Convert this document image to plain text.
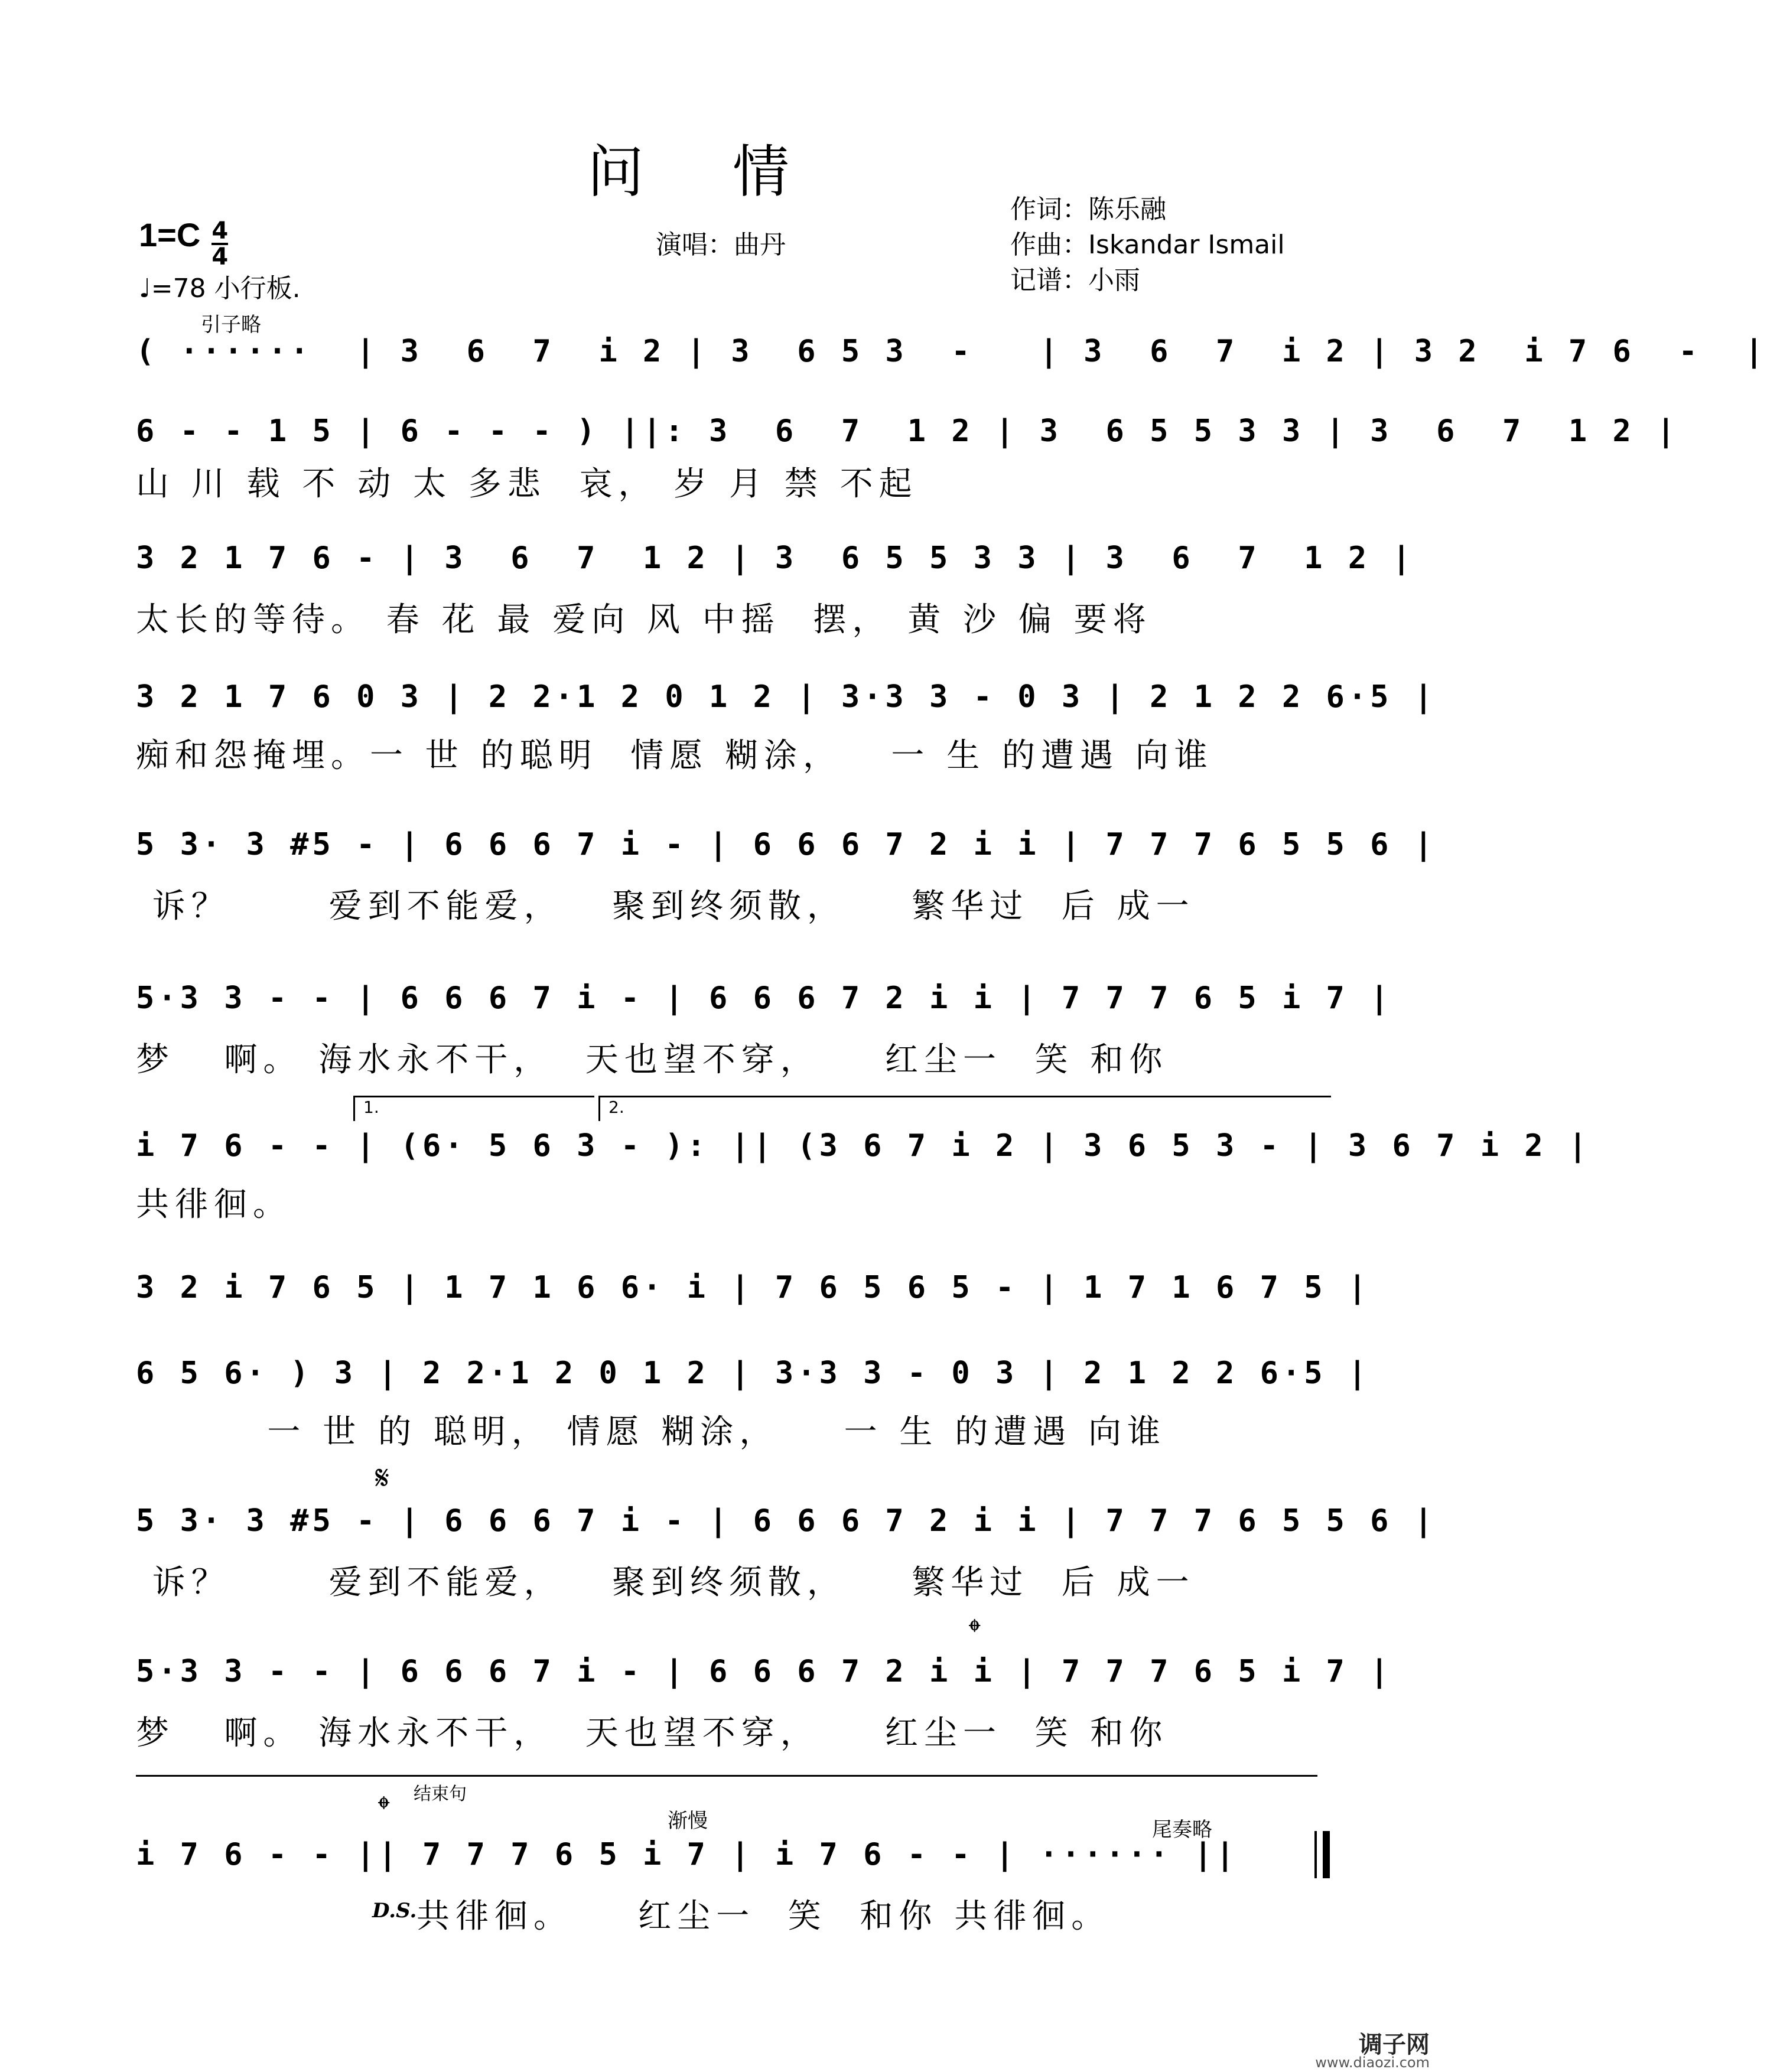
问情
作词：陈乐融
作曲：Iskandar Ismail
记谱：小雨
演唱：曲丹
$1=C \frac{4}{4}$
♩=78 小行板.
引子略
( ······  | 3  6  7  i 2 | 3  6 5 3  -   | 3  6  7  i 2 | 3 2  i 7 6  -  |
6 - - 1 5 | 6 - - - ) ||: 3  6  7  1 2 | 3  6 5 5 3 3 | 3  6  7  1 2 |
山 川 载 不 动 太 多悲  哀， 岁 月 禁 不起
3 2 1 7 6 - | 3  6  7  1 2 | 3  6 5 5 3 3 | 3  6  7  1 2 |
太长的等待。 春 花 最 爱向 风 中摇  摆， 黄 沙 偏 要将
3 2 1 7 6 0 3 | 2 2·1 2 0 1 2 | 3·3 3 - 0 3 | 2 1 2 2 6·5 |
痴和怨掩埋。一 世 的聪明  情愿 糊涂，   一 生 的遭遇 向谁
5 3· 3 #5 - | 6 6 6 7 i - | 6 6 6 7 2 i i | 7 7 7 6 5 5 6 |
诉？      爱到不能爱，   聚到终须散，    繁华过  后 成一
5·3 3 - - | 6 6 6 7 i - | 6 6 6 7 2 i i | 7 7 7 6 5 i 7 |
梦   啊。 海水永不干，  天也望不穿，    红尘一  笑 和你
1.	2.
i 7 6 - - | (6· 5 6 3 - ): || (3 6 7 i 2 | 3 6 5 3 - | 3 6 7 i 2 |
共徘徊。
3 2 i 7 6 5 | 1 7 1 6 6· i | 7 6 5 6 5 - | 1 7 1 6 7 5 |
6 5 6· ) 3 | 2 2·1 2 0 1 2 | 3·3 3 - 0 3 | 2 1 2 2 6·5 |
一 世 的 聪明， 情愿 糊涂，    一 生 的遭遇 向谁
𝄋
5 3· 3 #5 - | 6 6 6 7 i - | 6 6 6 7 2 i i | 7 7 7 6 5 5 6 |
诉？      爱到不能爱，   聚到终须散，    繁华过  后 成一
𝄌
5·3 3 - - | 6 6 6 7 i - | 6 6 6 7 2 i i | 7 7 7 6 5 i 7 |
梦   啊。 海水永不干，  天也望不穿，    红尘一  笑 和你
结束句
𝄌	渐慢	尾奏略
i 7 6 - - || 7 7 7 6 5 i 7 | i 7 6 - - | ······ ||
D.S. 共徘徊。    红尘一  笑  和你 共徘徊。
调子网
www.diaozi.com
